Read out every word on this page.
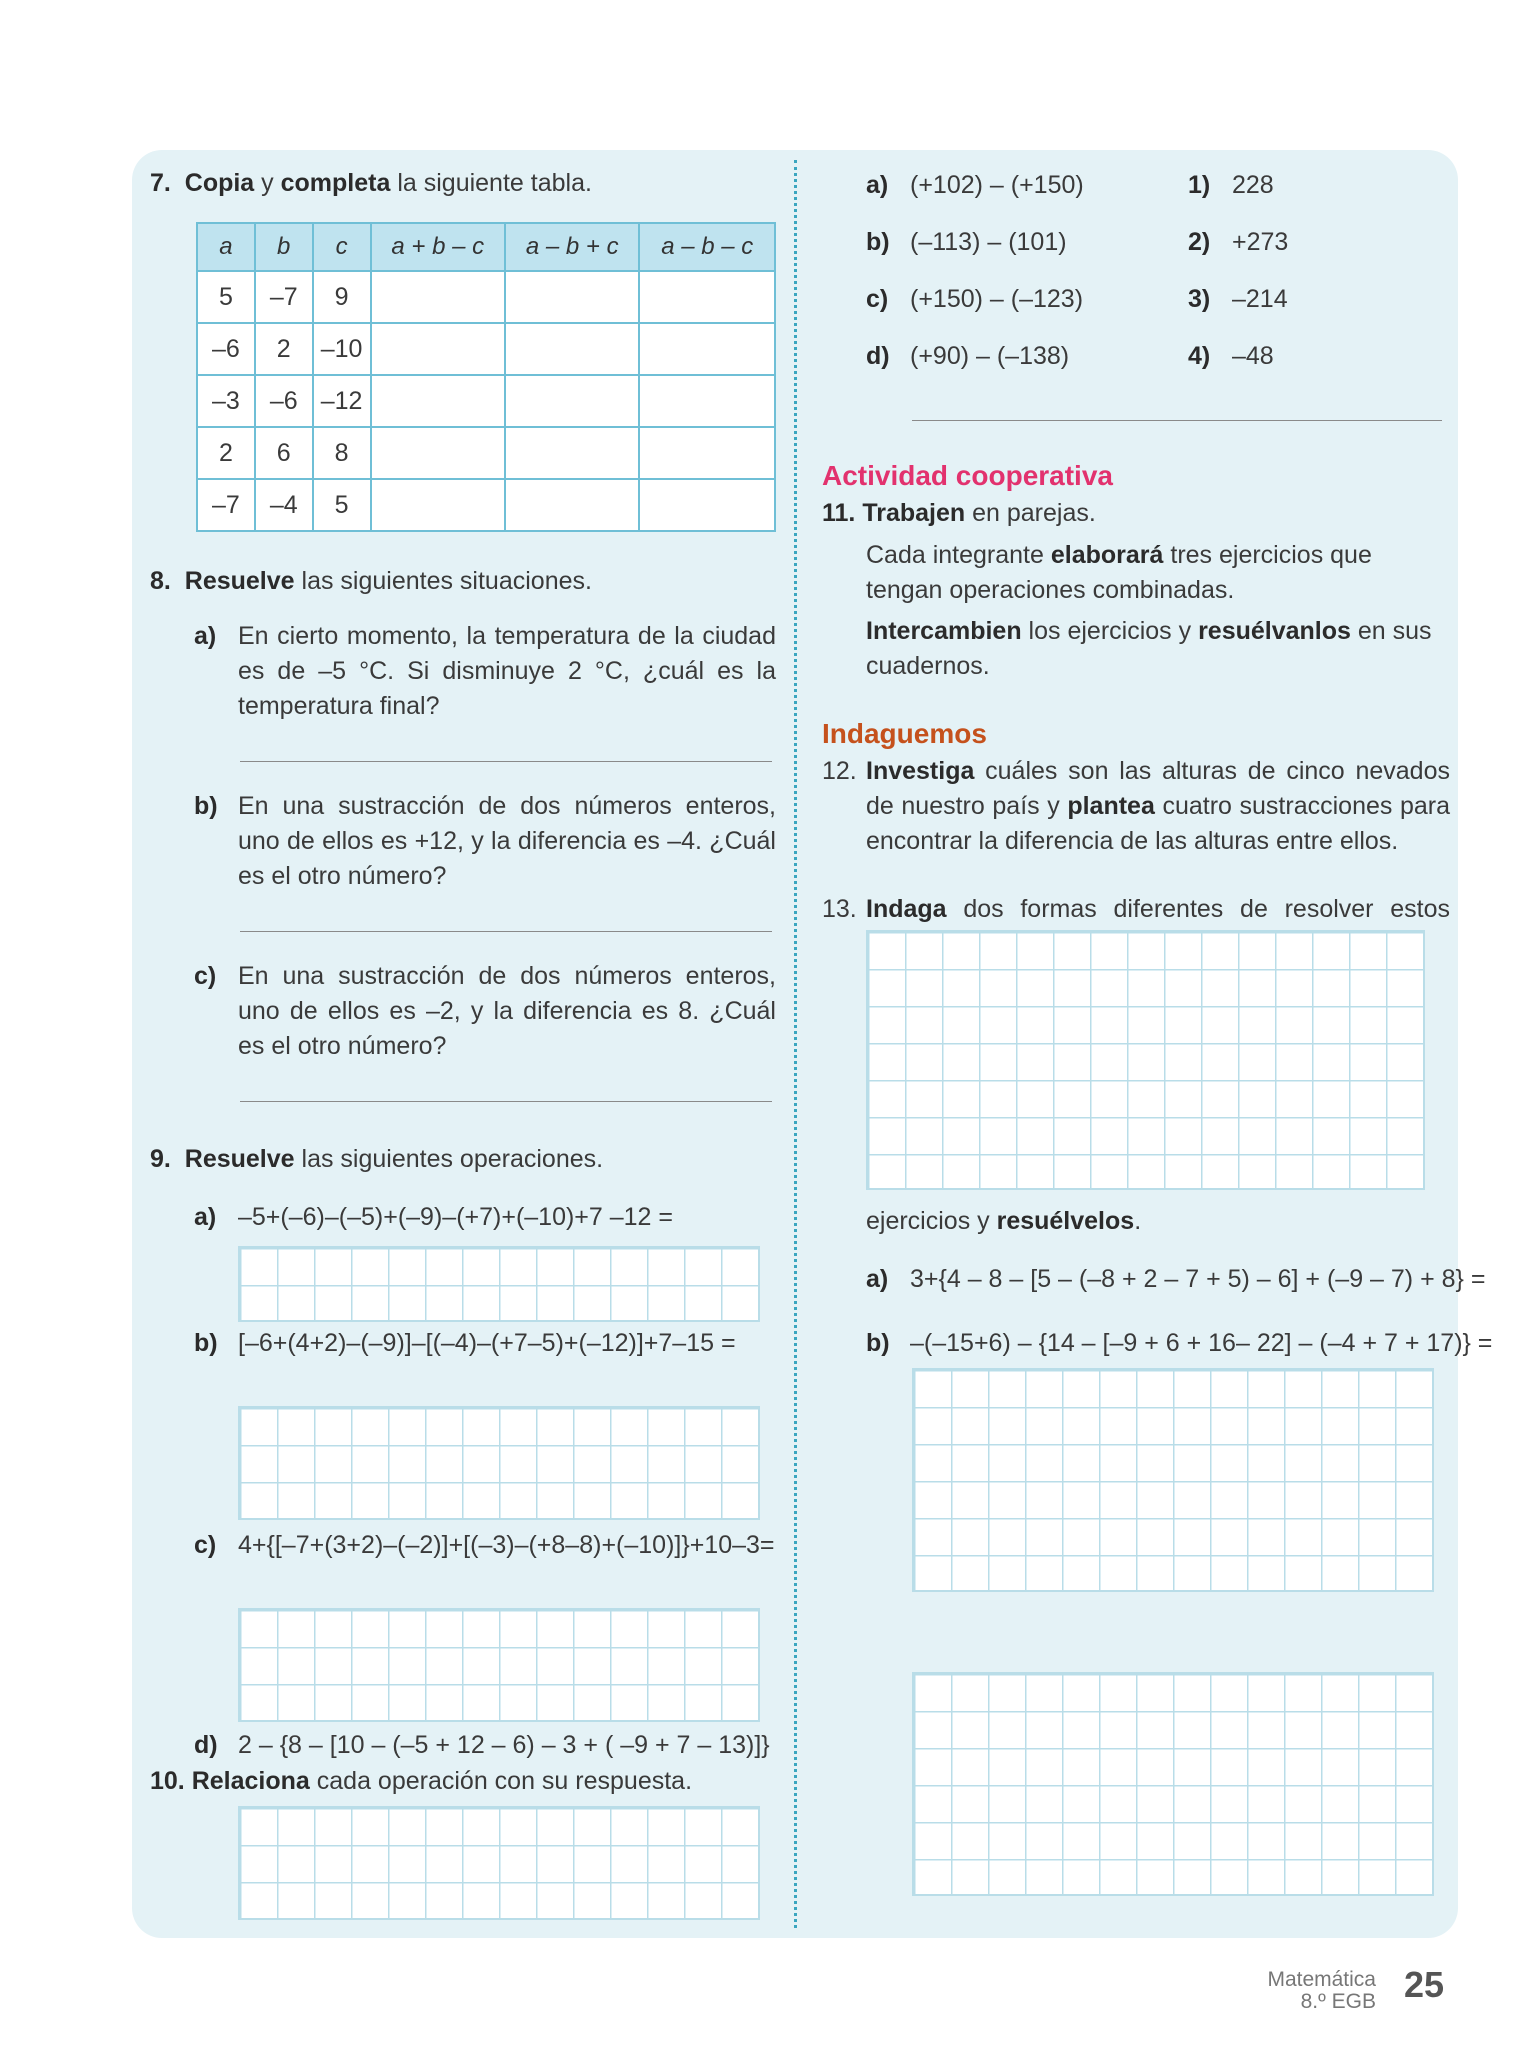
7. Copia y completa la siguiente tabla.
a	b	c	a + b – c	a – b + c	a – b – c
5	–7	9			
–6	2	–10			
–3	–6	–12			
2	6	8			
–7	–4	5			
8. Resuelve las siguientes situaciones.
a) En cierto momento, la temperatura de la ciudad es de –5 °C. Si disminuye 2 °C, ¿cuál es la temperatura final?
b) En una sustracción de dos números enteros, uno de ellos es +12, y la diferencia es –4. ¿Cuál es el otro número?
c) En una sustracción de dos números enteros, uno de ellos es –2, y la diferencia es 8. ¿Cuál es el otro número?
9. Resuelve las siguientes operaciones.
a) –5+(–6)–(–5)+(–9)–(+7)+(–10)+7 –12 =
b) [–6+(4+2)–(–9)]–[(–4)–(+7–5)+(–12)]+7–15 =
c) 4+{[–7+(3+2)–(–2)]+[(–3)–(+8–8)+(–10)]}+10–3=
d) 2 – {8 – [10 – (–5 + 12 – 6) – 3 + ( –9 + 7 – 13)]}
10. Relaciona cada operación con su respuesta.
a) (+102) – (+150)	1) 228
b) (–113) – (101)	2) +273
c) (+150) – (–123)	3) –214
d) (+90) – (–138)	4) –48
Actividad cooperativa
11. Trabajen en parejas.
Cada integrante elaborará tres ejercicios que tengan operaciones combinadas.
Intercambien los ejercicios y resuélvanlos en sus cuadernos.
Indaguemos
12. Investiga cuáles son las alturas de cinco nevados de nuestro país y plantea cuatro sustracciones para encontrar la diferencia de las alturas entre ellos.
13. Indaga dos formas diferentes de resolver estos
ejercicios y resuélvelos.
a) 3+{4 – 8 – [5 – (–8 + 2 – 7 + 5) – 6] + (–9 – 7) + 8} =
b) –(–15+6) – {14 – [–9 + 6 + 16– 22] – (–4 + 7 + 17)} =
Matemática
8.º EGB 25
